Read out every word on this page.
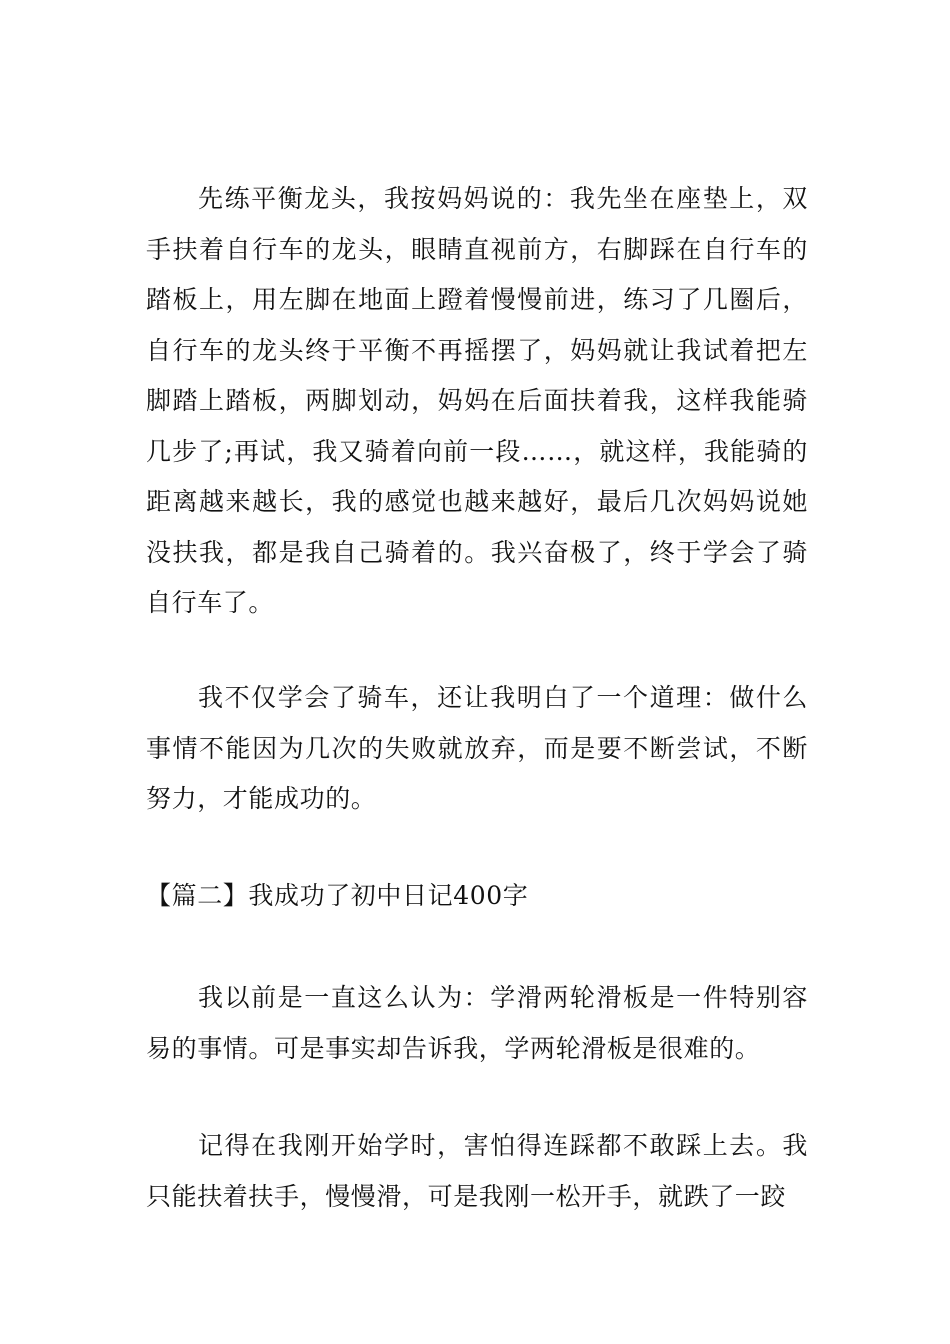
先练平衡龙头，我按妈妈说的：我先坐在座垫上，双手扶着自行车的龙头，眼睛直视前方，右脚踩在自行车的踏板上，用左脚在地面上蹬着慢慢前进，练习了几圈后，自行车的龙头终于平衡不再摇摆了，妈妈就让我试着把左脚踏上踏板，两脚划动，妈妈在后面扶着我，这样我能骑几步了;再试，我又骑着向前一段……，就这样，我能骑的距离越来越长，我的感觉也越来越好，最后几次妈妈说她没扶我，都是我自己骑着的。我兴奋极了，终于学会了骑自行车了。

我不仅学会了骑车，还让我明白了一个道理：做什么事情不能因为几次的失败就放弃，而是要不断尝试，不断努力，才能成功的。

【篇二】我成功了初中日记400字

我以前是一直这么认为：学滑两轮滑板是一件特别容易的事情。可是事实却告诉我，学两轮滑板是很难的。

记得在我刚开始学时，害怕得连踩都不敢踩上去。我只能扶着扶手，慢慢滑，可是我刚一松开手，就跌了一跤
